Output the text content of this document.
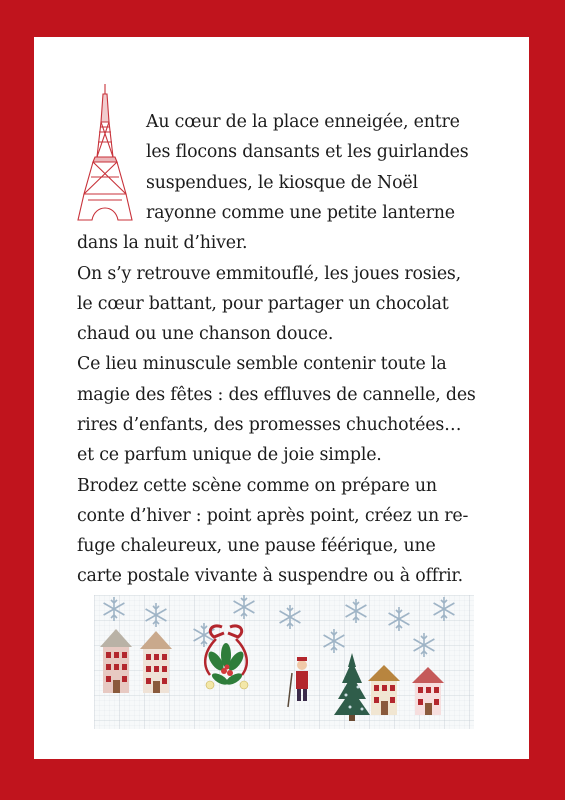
Au cœur de la place enneigée, entre
les flocons dansants et les guirlandes
suspendues, le kiosque de Noël
rayonne comme une petite lanterne
dans la nuit d’hiver.
On s’y retrouve emmitouflé, les joues rosies,
le cœur battant, pour partager un chocolat
chaud ou une chanson douce.
Ce lieu minuscule semble contenir toute la
magie des fêtes : des effluves de cannelle, des
rires d’enfants, des promesses chuchotées…
et ce parfum unique de joie simple.
Brodez cette scène comme on prépare un
conte d’hiver : point après point, créez un re-
fuge chaleureux, une pause féérique, une
carte postale vivante à suspendre ou à offrir.
